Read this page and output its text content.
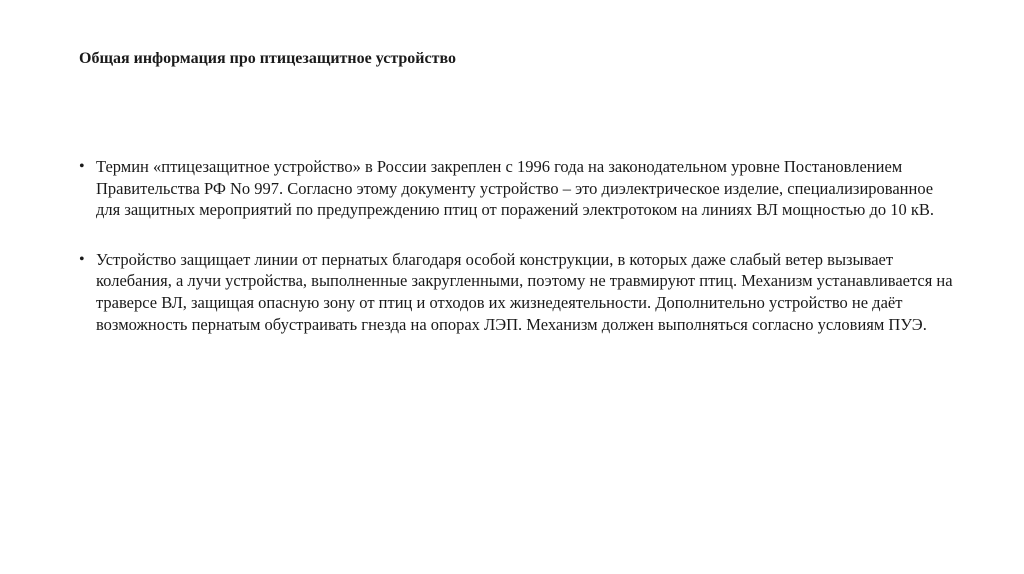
Общая информация про птицезащитное устройство
• Термин «птицезащитное устройство» в России закреплен с 1996 года на законодательном уровне Постановлением Правительства РФ No 997. Согласно этому документу устройство – это диэлектрическое изделие, специализированное для защитных мероприятий по предупреждению птиц от поражений электротоком на линиях ВЛ мощностью до 10 кВ.
• Устройство защищает линии от пернатых благодаря особой конструкции, в которых даже слабый ветер вызывает колебания, а лучи устройства, выполненные закругленными, поэтому не травмируют птиц. Механизм устанавливается на траверсе ВЛ, защищая опасную зону от птиц и отходов их жизнедеятельности. Дополнительно устройство не даёт возможность пернатым обустраивать гнезда на опорах ЛЭП. Механизм должен выполняться согласно условиям ПУЭ.
